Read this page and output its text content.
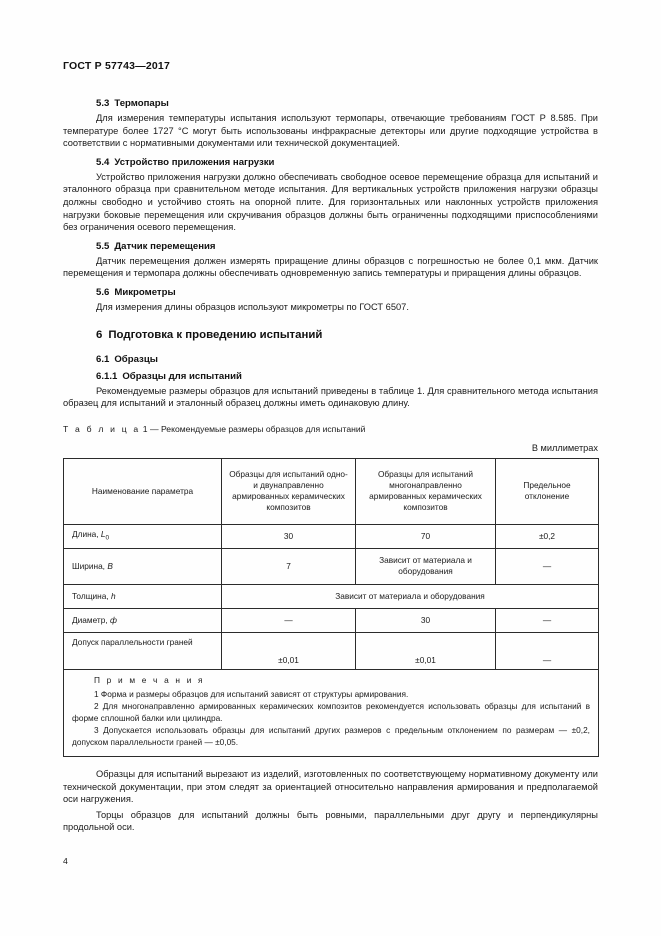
ГОСТ Р 57743—2017
5.3 Термопары

Для измерения температуры испытания используют термопары, отвечающие требованиям ГОСТ Р 8.585. При температуре более 1727 °C могут быть использованы инфракрасные детекторы или другие подходящие устройства в соответствии с нормативными документами или технической документацией.

5.4 Устройство приложения нагрузки

Устройство приложения нагрузки должно обеспечивать свободное осевое перемещение образца для испытаний и эталонного образца при сравнительном методе испытания. Для вертикальных устройств приложения нагрузки образцы должны свободно и устойчиво стоять на опорной плите. Для горизонтальных или наклонных устройств приложения нагрузки боковые перемещения или скручивания образцов должны быть ограниченны подходящими приспособлениями без ограничения осевого перемещения.

5.5 Датчик перемещения

Датчик перемещения должен измерять приращение длины образцов с погрешностью не более 0,1 мкм. Датчик перемещения и термопара должны обеспечивать одновременную запись температуры и приращения длины образцов.

5.6 Микрометры

Для измерения длины образцов используют микрометры по ГОСТ 6507.

6 Подготовка к проведению испытаний
6.1 Образцы
6.1.1 Образцы для испытаний

Рекомендуемые размеры образцов для испытаний приведены в таблице 1. Для сравнительного метода испытания образец для испытаний и эталонный образец должны иметь одинаковую длину.

Т а б л и ц а 1 — Рекомендуемые размеры образцов для испытаний
В миллиметрах
Наименование параметра	Образцы для испытаний одно- и двунаправленно армированных керамических композитов	Образцы для испытаний многонаправленно армированных керамических композитов	Предельное отклонение
Длина, $L_0$	30	70	±0,2
Ширина, B	7	Зависит от материала и оборудования	—
Толщина, h	Зависит от материала и оборудования		
Диаметр, ф	—	30	—
Допуск параллельности граней	±0,01	±0,01	—

П р и м е ч а н и я

1 Форма и размеры образцов для испытаний зависят от структуры армирования.

2 Для многонаправленно армированных керамических композитов рекомендуется использовать образцы для испытаний в форме сплошной балки или цилиндра.

3 Допускается использовать образцы для испытаний других размеров с предельным отклонением по размерам — ±0,2, допуском параллельности граней — ±0,05.			

Образцы для испытаний вырезают из изделий, изготовленных по соответствующему нормативному документу или технической документации, при этом следят за ориентацией относительно направления армирования и предполагаемой оси нагружения.

Торцы образцов для испытаний должны быть ровными, параллельными друг другу и перпендикулярны продольной оси.

4
